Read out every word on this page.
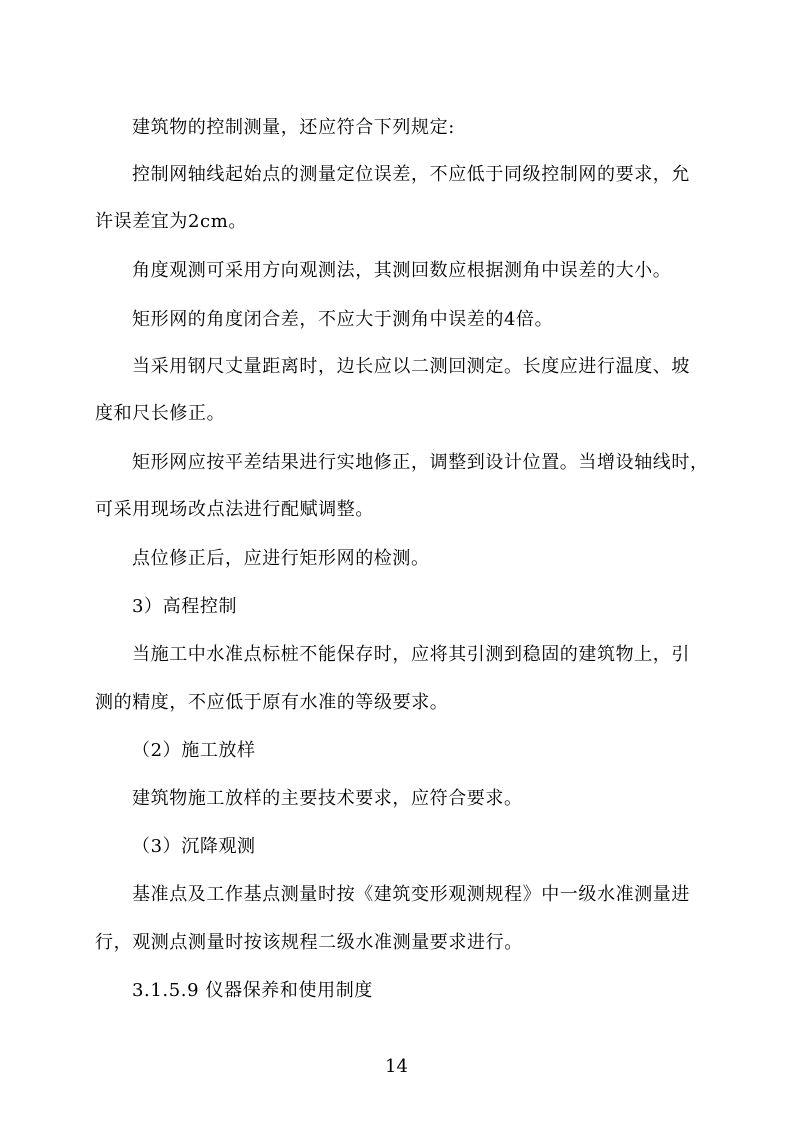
建筑物的控制测量，还应符合下列规定:
控制网轴线起始点的测量定位误差，不应低于同级控制网的要求，允
许误差宜为2cm。
角度观测可采用方向观测法，其测回数应根据测角中误差的大小。
矩形网的角度闭合差，不应大于测角中误差的4倍。
当采用钢尺丈量距离时，边长应以二测回测定。长度应进行温度、坡
度和尺长修正。
矩形网应按平差结果进行实地修正，调整到设计位置。当增设轴线时，
可采用现场改点法进行配赋调整。
点位修正后，应进行矩形网的检测。
3）高程控制
当施工中水准点标桩不能保存时，应将其引测到稳固的建筑物上，引
测的精度，不应低于原有水准的等级要求。
（2）施工放样
建筑物施工放样的主要技术要求，应符合要求。
（3）沉降观测
基准点及工作基点测量时按《建筑变形观测规程》中一级水准测量进
行，观测点测量时按该规程二级水准测量要求进行。
3.1.5.9 仪器保养和使用制度
14
